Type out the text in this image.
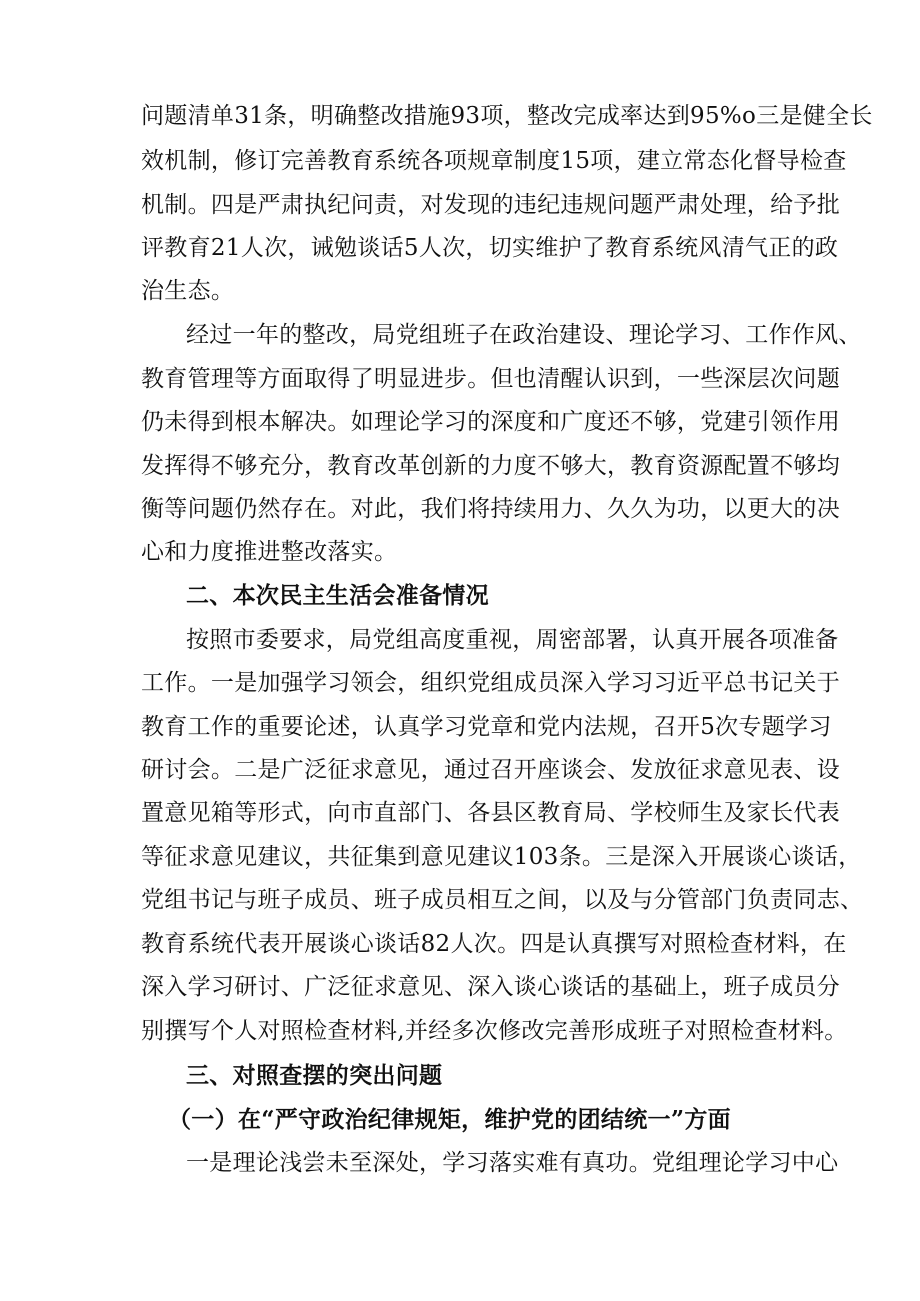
问题清单31条，明确整改措施93项，整改完成率达到95%o三是健全长
效机制，修订完善教育系统各项规章制度15项，建立常态化督导检查
机制。四是严肃执纪问责，对发现的违纪违规问题严肃处理，给予批
评教育21人次，诫勉谈话5人次，切实维护了教育系统风清气正的政
治生态。
经过一年的整改，局党组班子在政治建设、理论学习、工作作风、
教育管理等方面取得了明显进步。但也清醒认识到，一些深层次问题
仍未得到根本解决。如理论学习的深度和广度还不够，党建引领作用
发挥得不够充分，教育改革创新的力度不够大，教育资源配置不够均
衡等问题仍然存在。对此，我们将持续用力、久久为功，以更大的决
心和力度推进整改落实。
二、本次民主生活会准备情况
按照市委要求，局党组高度重视，周密部署，认真开展各项准备
工作。一是加强学习领会，组织党组成员深入学习习近平总书记关于
教育工作的重要论述，认真学习党章和党内法规，召开5次专题学习
研讨会。二是广泛征求意见，通过召开座谈会、发放征求意见表、设
置意见箱等形式，向市直部门、各县区教育局、学校师生及家长代表
等征求意见建议，共征集到意见建议103条。三是深入开展谈心谈话，
党组书记与班子成员、班子成员相互之间，以及与分管部门负责同志、
教育系统代表开展谈心谈话82人次。四是认真撰写对照检查材料，在
深入学习研讨、广泛征求意见、深入谈心谈话的基础上，班子成员分
别撰写个人对照检查材料,并经多次修改完善形成班子对照检查材料。
三、对照查摆的突出问题
（一）在“严守政治纪律规矩，维护党的团结统一”方面
一是理论浅尝未至深处，学习落实难有真功。党组理论学习中心
